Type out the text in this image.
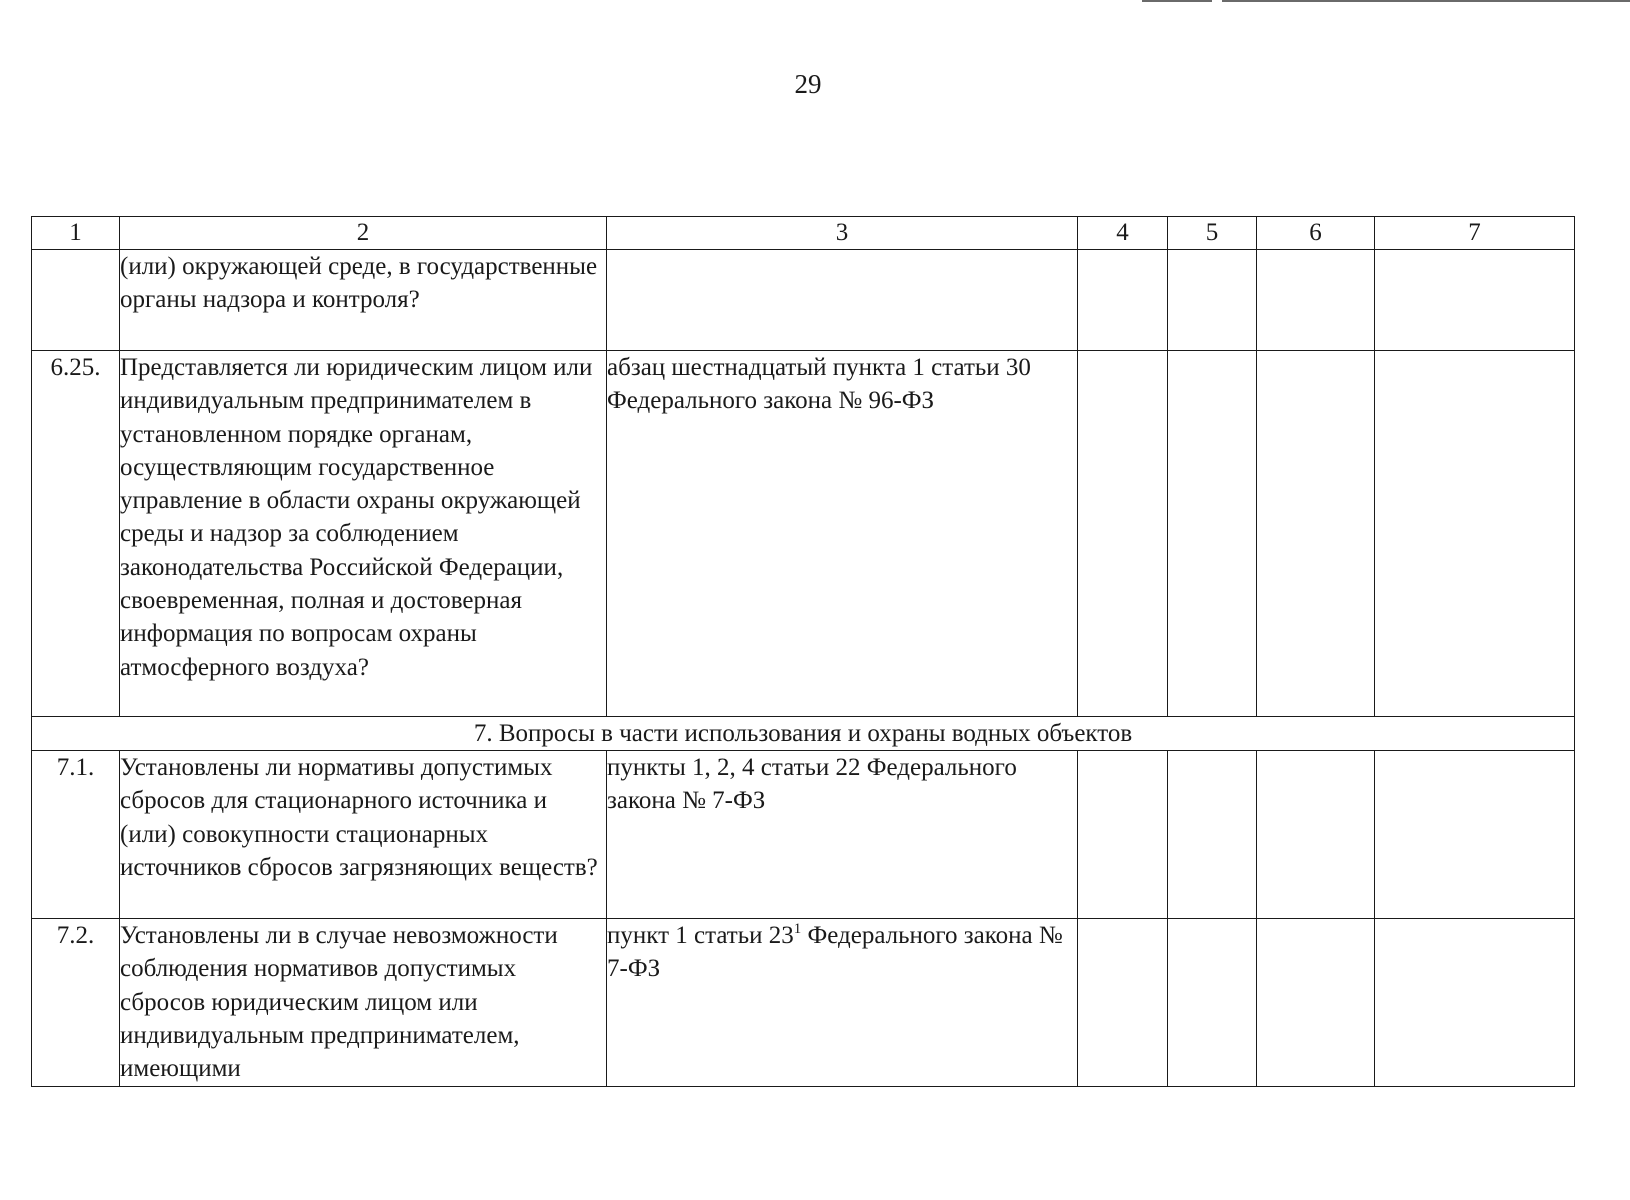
29
1	2	3	4	5	6	7
	(или) окружающей среде, в государственные органы надзора и контроля?					
6.25.	Представляется ли юридическим лицом или индивидуальным предпринимателем в установленном порядке органам, осуществляющим государственное управление в области охраны окружающей среды и надзор за соблюдением законодательства Российской Федерации, своевременная, полная и достоверная информация по вопросам охраны атмосферного воздуха?	абзац шестнадцатый пункта 1 статьи 30 Федерального закона № 96-ФЗ				
7. Вопросы в части использования и охраны водных объектов						
7.1.	Установлены ли нормативы допустимых сбросов для стационарного источника и (или) совокупности стационарных источников сбросов загрязняющих веществ?	пункты 1, 2, 4 статьи 22 Федерального закона № 7-ФЗ				
7.2.	Установлены ли в случае невозможности соблюдения нормативов допустимых сбросов юридическим лицом или индивидуальным предпринимателем, имеющими	пункт 1 статьи $23^1$ Федерального закона № 7-ФЗ				
